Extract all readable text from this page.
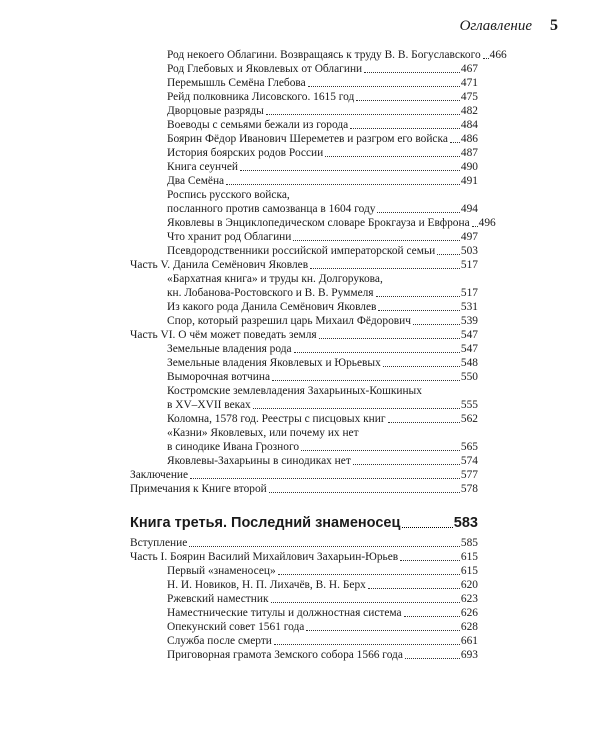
Оглавление 5
Род некоего Облагини. Возвращаясь к труду В. В. Богуславского 466
Род Глебовых и Яковлевых от Облагини	467
Перемышль Семёна Глебова	471
Рейд полковника Лисовского. 1615 год	475
Дворцовые разряды	482
Воеводы с семьями бежали из города	484
Боярин Фёдор Иванович Шереметев и разгром его войска 486
История боярских родов России	487
Книга сеунчей	490
Два Семёна	491
Роспись русского войска,
посланного против самозванца в 1604 году	494
Яковлевы в Энциклопедическом словаре Брокгауза и Евфрона 496
Что хранит род Облагини	497
Псевдородственники российской императорской семьи 503
Часть V. Данила Семёнович Яковлев	517
«Бархатная книга» и труды кн. Долгорукова,
кн. Лобанова-Ростовского и В. В. Руммеля	517
Из какого рода Данила Семёнович Яковлев	531
Спор, который разрешил царь Михаил Фёдорович	539
Часть VI. О чём может поведать земля	547
Земельные владения рода	547
Земельные владения Яковлевых и Юрьевых	548
Выморочная вотчина	550
Костромские землевладения Захарьиных-Кошкиных
в XV–XVII веках	555
Коломна, 1578 год. Реестры с писцовых книг	562
«Казни» Яковлевых, или почему их нет
в синодике Ивана Грозного	565
Яковлевы-Захарьины в синодиках нет	574
Заключение	577
Примечания к Книге второй	578
Книга третья. Последний знаменосец	583
Вступление	585
Часть I. Боярин Василий Михайлович Захарьин-Юрьев	615
Первый «знаменосец»	615
Н. И. Новиков, Н. П. Лихачёв, В. Н. Берх	620
Ржевский наместник	623
Наместнические титулы и должностная система	626
Опекунский совет 1561 года	628
Служба после смерти	661
Приговорная грамота Земского собора 1566 года	693
